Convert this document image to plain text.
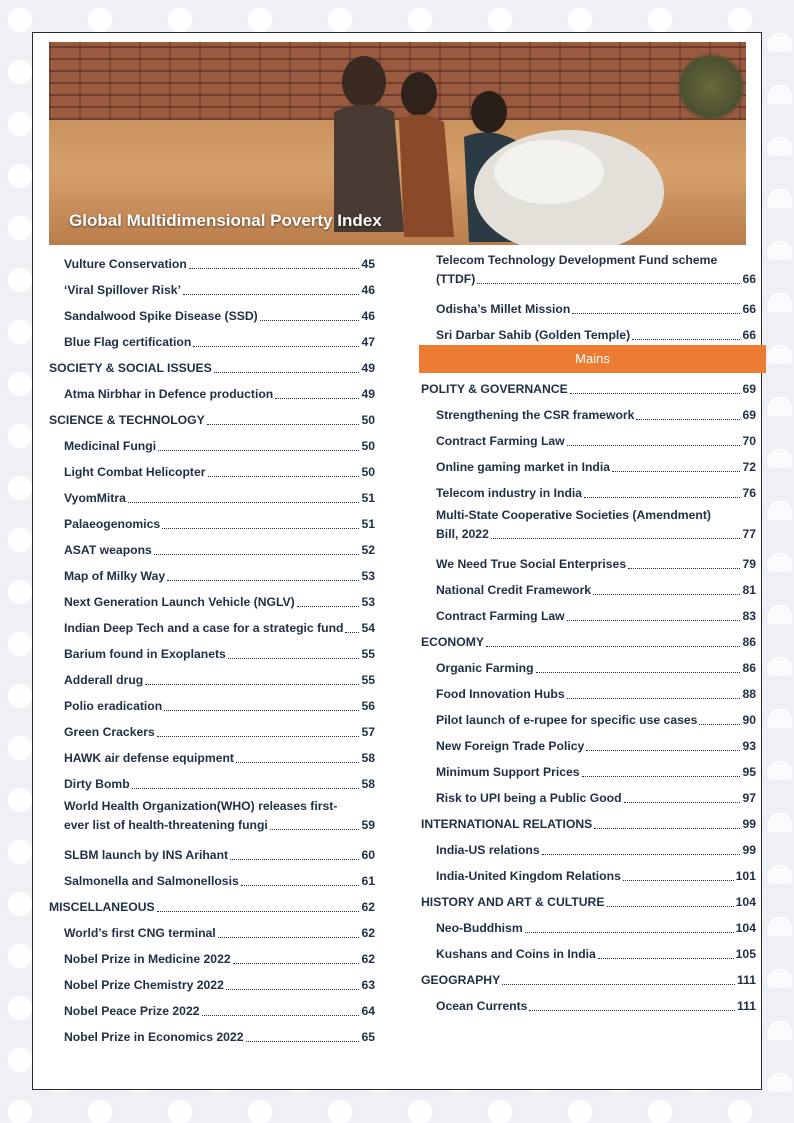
Global Multidimensional Poverty Index
Vulture Conservation	45
‘Viral Spillover Risk’	46
Sandalwood Spike Disease (SSD)	46
Blue Flag certification	47
SOCIETY & SOCIAL ISSUES	49
Atma Nirbhar in Defence production	49
SCIENCE & TECHNOLOGY	50
Medicinal Fungi	50
Light Combat Helicopter	50
VyomMitra	51
Palaeogenomics	51
ASAT weapons	52
Map of Milky Way	53
Next Generation Launch Vehicle (NGLV)	53
Indian Deep Tech and a case for a strategic fund 54
Barium found in Exoplanets	55
Adderall drug	55
Polio eradication	56
Green Crackers	57
HAWK air defense equipment	58
Dirty Bomb	58
World Health Organization(WHO) releases first-
ever list of health-threatening fungi	59
SLBM launch by INS Arihant	60
Salmonella and Salmonellosis	61
MISCELLANEOUS	62
World’s first CNG terminal	62
Nobel Prize in Medicine 2022	62
Nobel Prize Chemistry 2022	63
Nobel Peace Prize 2022	64
Nobel Prize in Economics 2022	65
Telecom Technology Development Fund scheme
(TTDF)	66
Odisha’s Millet Mission	66
Sri Darbar Sahib (Golden Temple)	66
Mains
POLITY & GOVERNANCE	69
Strengthening the CSR framework	69
Contract Farming Law	70
Online gaming market in India	72
Telecom industry in India	76
Multi-State Cooperative Societies (Amendment)
Bill, 2022	77
We Need True Social Enterprises	79
National Credit Framework	81
Contract Farming Law	83
ECONOMY	86
Organic Farming	86
Food Innovation Hubs	88
Pilot launch of e-rupee for specific use cases	90
New Foreign Trade Policy	93
Minimum Support Prices	95
Risk to UPI being a Public Good	97
INTERNATIONAL RELATIONS	99
India-US relations	99
India-United Kingdom Relations	101
HISTORY AND ART & CULTURE	104
Neo-Buddhism	104
Kushans and Coins in India	105
GEOGRAPHY	111
Ocean Currents	111
